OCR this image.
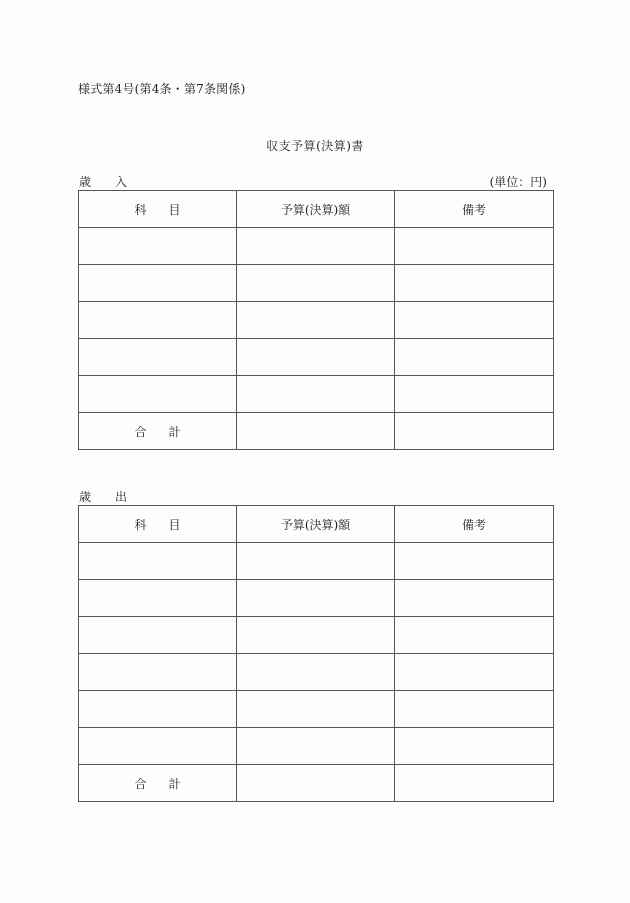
様式第4号(第4条・第7条関係)
収支予算(決算)書
歳 入	(単位：円)
科 目	予算(決算)額	備考

合 計		
歳 出
科 目	予算(決算)額	備考

合 計		
